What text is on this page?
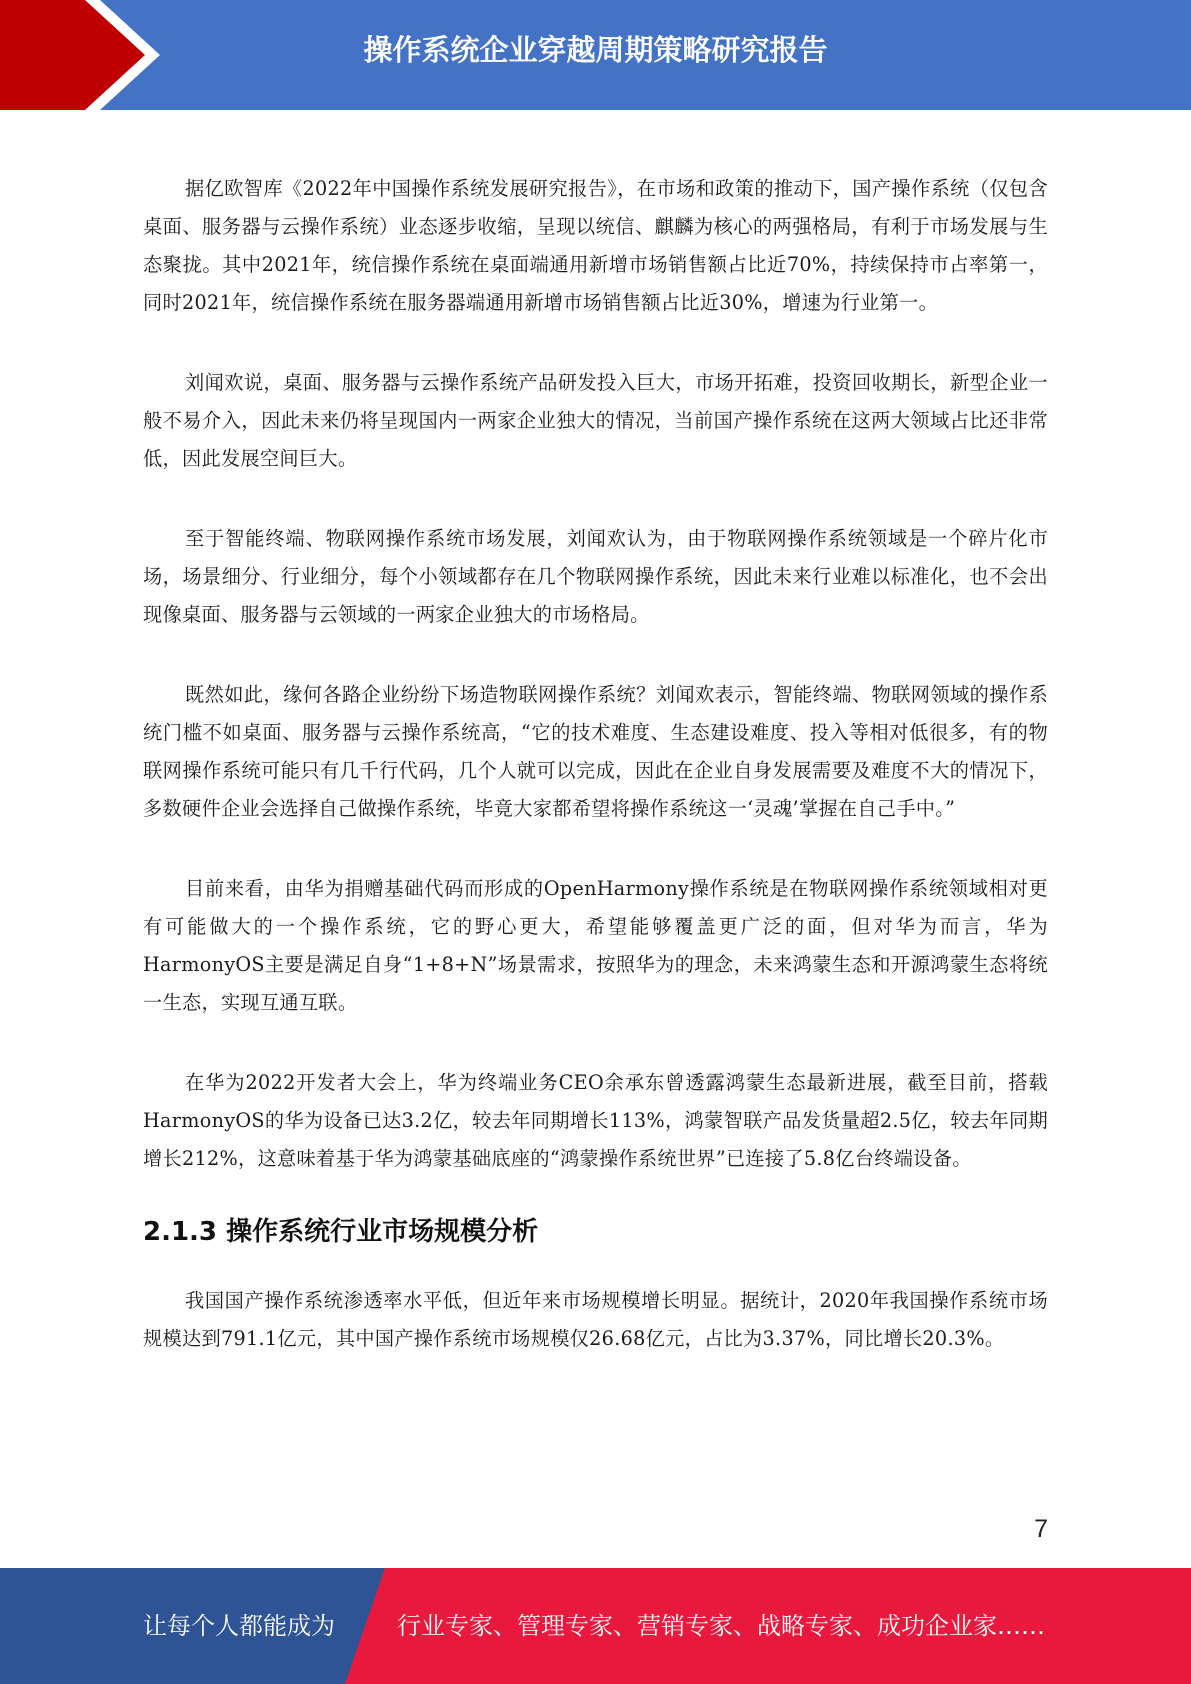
操作系统企业穿越周期策略研究报告

据亿欧智库《2022年中国操作系统发展研究报告》，在市场和政策的推动下，国产操作系统（仅包含桌面、服务器与云操作系统）业态逐步收缩，呈现以统信、麒麟为核心的两强格局，有利于市场发展与生态聚拢。其中2021年，统信操作系统在桌面端通用新增市场销售额占比近70%，持续保持市占率第一，同时2021年，统信操作系统在服务器端通用新增市场销售额占比近30%，增速为行业第一。

刘闻欢说，桌面、服务器与云操作系统产品研发投入巨大，市场开拓难，投资回收期长，新型企业一般不易介入，因此未来仍将呈现国内一两家企业独大的情况，当前国产操作系统在这两大领域占比还非常低，因此发展空间巨大。

至于智能终端、物联网操作系统市场发展，刘闻欢认为，由于物联网操作系统领域是一个碎片化市场，场景细分、行业细分，每个小领域都存在几个物联网操作系统，因此未来行业难以标准化，也不会出现像桌面、服务器与云领域的一两家企业独大的市场格局。

既然如此，缘何各路企业纷纷下场造物联网操作系统？刘闻欢表示，智能终端、物联网领域的操作系统门槛不如桌面、服务器与云操作系统高，“它的技术难度、生态建设难度、投入等相对低很多，有的物联网操作系统可能只有几千行代码，几个人就可以完成，因此在企业自身发展需要及难度不大的情况下，多数硬件企业会选择自己做操作系统，毕竟大家都希望将操作系统这一‘灵魂’掌握在自己手中。”

目前来看，由华为捐赠基础代码而形成的OpenHarmony操作系统是在物联网操作系统领域相对更有可能做大的一个操作系统，它的野心更大，希望能够覆盖更广泛的面，但对华为而言，华为HarmonyOS主要是满足自身“1+8+N”场景需求，按照华为的理念，未来鸿蒙生态和开源鸿蒙生态将统一生态，实现互通互联。

在华为2022开发者大会上，华为终端业务CEO余承东曾透露鸿蒙生态最新进展，截至目前，搭载HarmonyOS的华为设备已达3.2亿，较去年同期增长113%，鸿蒙智联产品发货量超2.5亿，较去年同期增长212%，这意味着基于华为鸿蒙基础底座的“鸿蒙操作系统世界”已连接了5.8亿台终端设备。

2.1.3 操作系统行业市场规模分析

我国国产操作系统渗透率水平低，但近年来市场规模增长明显。据统计，2020年我国操作系统市场规模达到791.1亿元，其中国产操作系统市场规模仅26.68亿元，占比为3.37%，同比增长20.3%。

7
让每个人都能成为	行业专家、管理专家、营销专家、战略专家、成功企业家……
